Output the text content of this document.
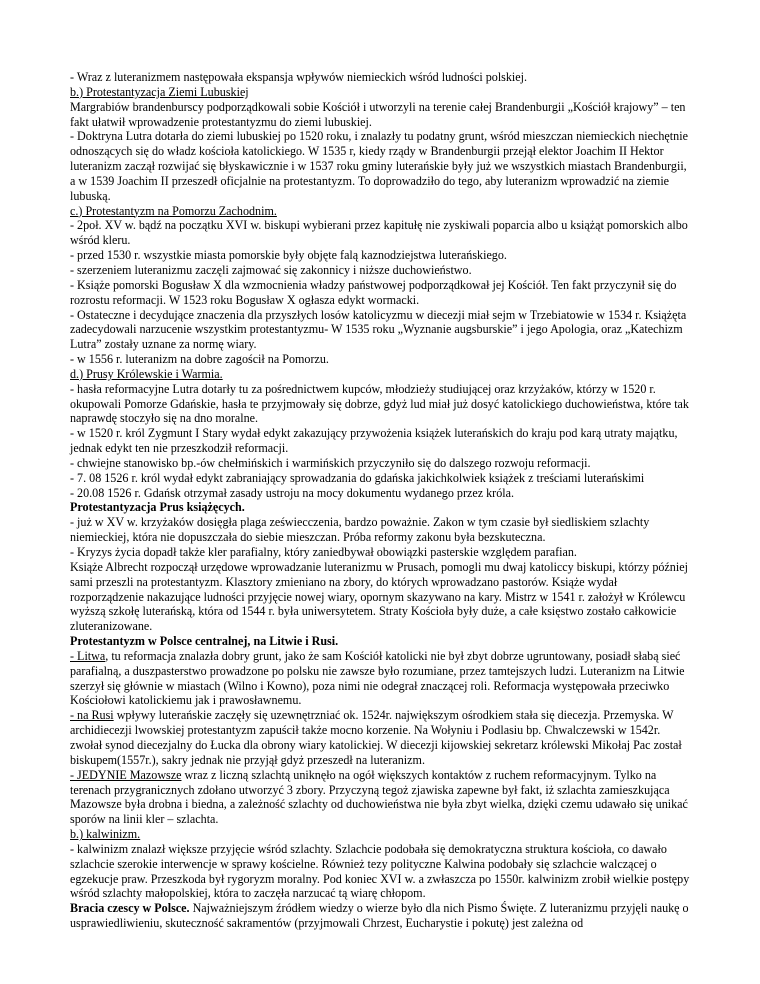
- Wraz z luteranizmem następowała ekspansja wpływów niemieckich wśród ludności polskiej.

b.) Protestantyzacja Ziemi Lubuskiej

Margrabiów brandenburscy podporządkowali sobie Kościół i utworzyli na terenie całej Brandenburgii „Kościół krajowy” – ten fakt ułatwił wprowadzenie protestantyzmu do ziemi lubuskiej.

- Doktryna Lutra dotarła do ziemi lubuskiej po 1520 roku, i znalazły tu podatny grunt, wśród mieszczan niemieckich niechętnie odnoszących się do władz kościoła katolickiego. W 1535 r, kiedy rządy w Brandenburgii przejął elektor Joachim II Hektor luteranizm zaczął rozwijać się błyskawicznie i w 1537 roku gminy luterańskie były już we wszystkich miastach Brandenburgii, a w 1539 Joachim II przeszedł oficjalnie na protestantyzm. To doprowadziło do tego, aby luteranizm wprowadzić na ziemie lubuską.

c.) Protestantyzm na Pomorzu Zachodnim.

- 2poł. XV w. bądź na początku XVI w. biskupi wybierani przez kapitułę nie zyskiwali poparcia albo u książąt pomorskich albo wśród kleru.

- przed 1530 r. wszystkie miasta pomorskie były objęte falą kaznodziejstwa luterańskiego.

- szerzeniem luteranizmu zaczęli zajmować się zakonnicy i niższe duchowieństwo.

- Książe pomorski Bogusław X dla wzmocnienia władzy państwowej podporządkował jej Kościół. Ten fakt przyczynił się do rozrostu reformacji. W 1523 roku Bogusław X ogłasza edykt wormacki.

- Ostateczne i decydujące znaczenia dla przyszłych losów katolicyzmu w diecezji miał sejm w Trzebiatowie w 1534 r. Książęta zadecydowali narzucenie wszystkim protestantyzmu- W 1535 roku „Wyznanie augsburskie” i jego Apologia, oraz „Katechizm Lutra” zostały uznane za normę wiary.

- w 1556 r. luteranizm na dobre zagościł na Pomorzu.

d.) Prusy Królewskie i Warmia.

- hasła reformacyjne Lutra dotarły tu za pośrednictwem kupców, młodzieży studiującej oraz krzyżaków, którzy w 1520 r. okupowali Pomorze Gdańskie, hasła te przyjmowały się dobrze, gdyż lud miał już dosyć katolickiego duchowieństwa, które tak naprawdę stoczyło się na dno moralne.

- w 1520 r. król Zygmunt I Stary wydał edykt zakazujący przywożenia książek luterańskich do kraju pod karą utraty majątku, jednak edykt ten nie przeszkodził reformacji.

- chwiejne stanowisko bp.-ów chełmińskich i warmińskich przyczyniło się do dalszego rozwoju reformacji.

- 7. 08 1526 r. król wydał edykt zabraniający sprowadzania do gdańska jakichkolwiek książek z treściami luterańskimi

- 20.08 1526 r. Gdańsk otrzymał zasady ustroju na mocy dokumentu wydanego przez króla.

Protestantyzacja Prus książęcych.

- już w XV w. krzyżaków dosięgła plaga zeświecczenia, bardzo poważnie. Zakon w tym czasie był siedliskiem szlachty niemieckiej, która nie dopuszczała do siebie mieszczan. Próba reformy zakonu była bezskuteczna.

- Kryzys życia dopadł także kler parafialny, który zaniedbywał obowiązki pasterskie względem parafian.

Książe Albrecht rozpoczął urzędowe wprowadzanie luteranizmu w Prusach, pomogli mu dwaj katoliccy biskupi, którzy później sami przeszli na protestantyzm. Klasztory zmieniano na zbory, do których wprowadzano pastorów. Książe wydał rozporządzenie nakazujące ludności przyjęcie nowej wiary, opornym skazywano na kary. Mistrz w 1541 r. założył w Królewcu wyższą szkołę luterańską, która od 1544 r. była uniwersytetem. Straty Kościoła były duże, a całe księstwo zostało całkowicie zluteranizowane.

Protestantyzm w Polsce centralnej, na Litwie i Rusi.

- Litwa, tu reformacja znalazła dobry grunt, jako że sam Kościół katolicki nie był zbyt dobrze ugruntowany, posiadł słabą sieć parafialną, a duszpasterstwo prowadzone po polsku nie zawsze było rozumiane, przez tamtejszych ludzi. Luteranizm na Litwie szerzył się głównie w miastach (Wilno i Kowno), poza nimi nie odegrał znaczącej roli. Reformacja występowała przeciwko Kościołowi katolickiemu jak i prawosławnemu.

- na Rusi wpływy luterańskie zaczęły się uzewnętrzniać ok. 1524r. największym ośrodkiem stała się diecezja. Przemyska. W archidiecezji lwowskiej protestantyzm zapuścił także mocno korzenie. Na Wołyniu i Podlasiu bp. Chwalczewski w 1542r. zwołał synod diecezjalny do Łucka dla obrony wiary katolickiej. W diecezji kijowskiej sekretarz królewski Mikołaj Pac został biskupem(1557r.), sakry jednak nie przyjął gdyż przeszedł na luteranizm.

- JEDYNIE Mazowsze wraz z liczną szlachtą uniknęło na ogół większych kontaktów z ruchem reformacyjnym. Tylko na terenach przygranicznych zdołano utworzyć 3 zbory. Przyczyną tegoż zjawiska zapewne był fakt, iż szlachta zamieszkująca Mazowsze była drobna i biedna, a zależność szlachty od duchowieństwa nie była zbyt wielka, dzięki czemu udawało się unikać sporów na linii kler – szlachta.

b.) kalwinizm.

- kalwinizm znalazł większe przyjęcie wśród szlachty. Szlachcie podobała się demokratyczna struktura kościoła, co dawało szlachcie szerokie interwencje w sprawy kościelne. Również tezy polityczne Kalwina podobały się szlachcie walczącej o egzekucje praw. Przeszkoda był rygoryzm moralny. Pod koniec XVI w. a zwłaszcza po 1550r. kalwinizm zrobił wielkie postępy wśród szlachty małopolskiej, która to zaczęła narzucać tą wiarę chłopom.

Bracia czescy w Polsce. Najważniejszym źródłem wiedzy o wierze było dla nich Pismo Święte. Z luteranizmu przyjęli naukę o usprawiedliwieniu, skuteczność sakramentów (przyjmowali Chrzest, Eucharystie i pokutę) jest zależna od
